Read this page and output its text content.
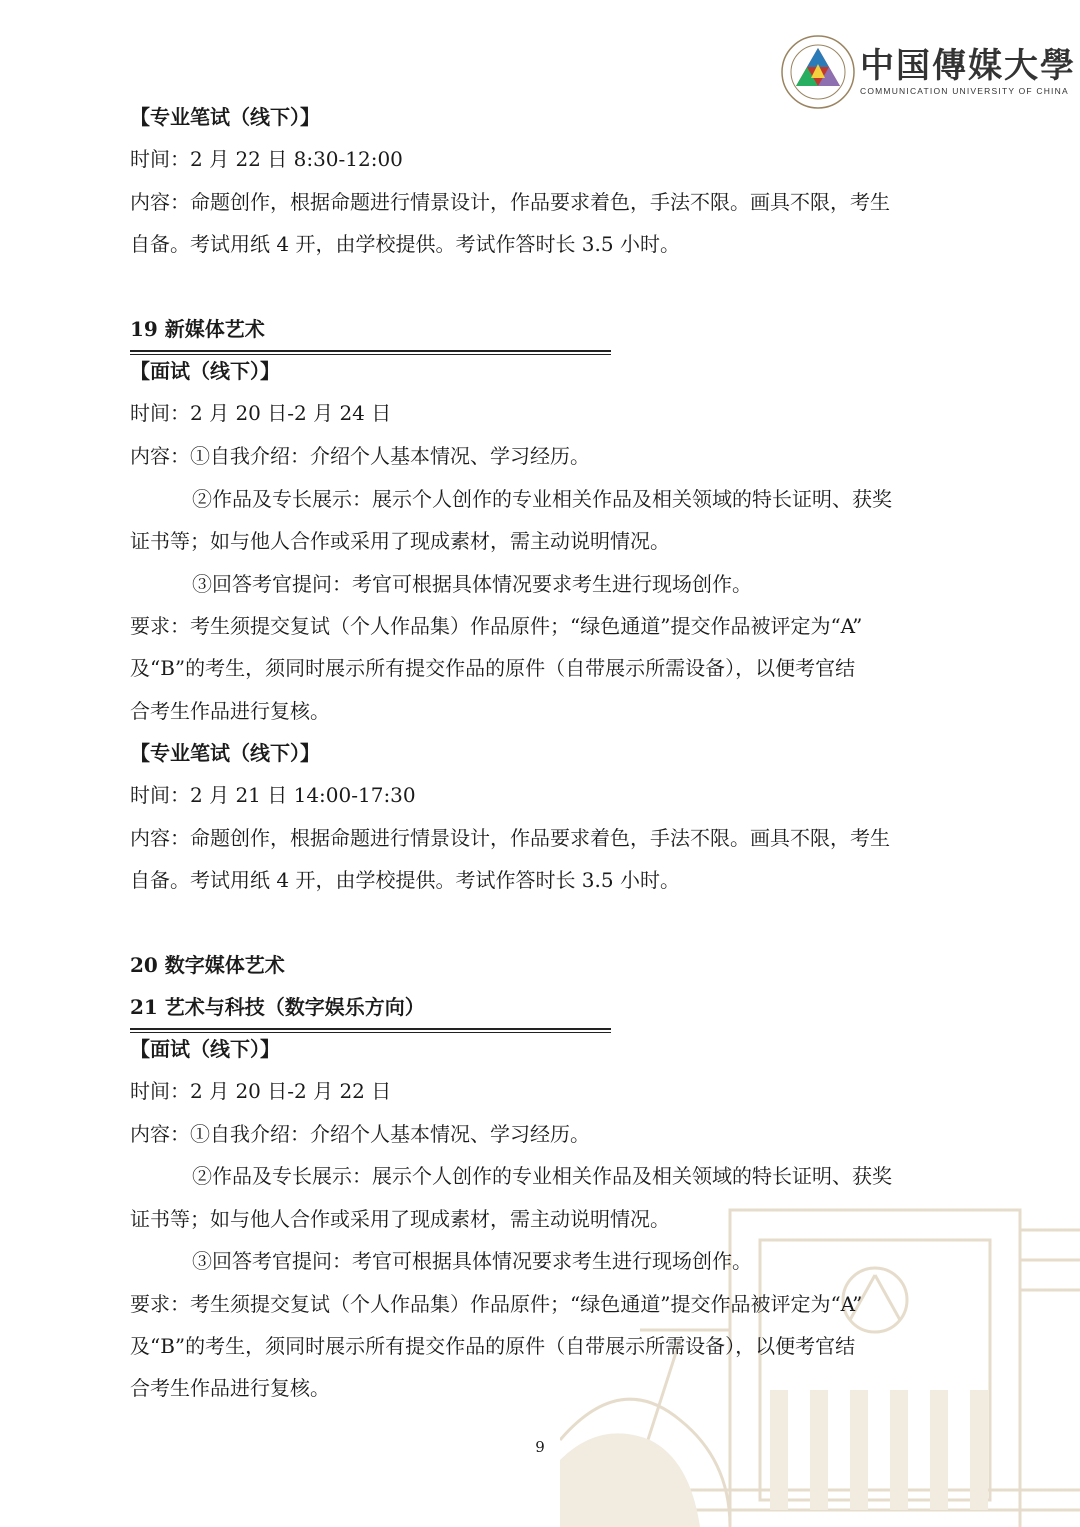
中国傳媒大學
COMMUNICATION UNIVERSITY OF CHINA
【专业笔试（线下）】
时间：2 月 22 日 8:30-12:00
内容：命题创作，根据命题进行情景设计，作品要求着色，手法不限。画具不限，考生
自备。考试用纸 4 开，由学校提供。考试作答时长 3.5 小时。
19 新媒体艺术
【面试（线下）】
时间：2 月 20 日-2 月 24 日
内容：①自我介绍：介绍个人基本情况、学习经历。
②作品及专长展示：展示个人创作的专业相关作品及相关领域的特长证明、获奖
证书等；如与他人合作或采用了现成素材，需主动说明情况。
③回答考官提问：考官可根据具体情况要求考生进行现场创作。
要求：考生须提交复试（个人作品集）作品原件；“绿色通道”提交作品被评定为“A”
及“B”的考生，须同时展示所有提交作品的原件（自带展示所需设备），以便考官结
合考生作品进行复核。
【专业笔试（线下）】
时间：2 月 21 日 14:00-17:30
内容：命题创作，根据命题进行情景设计，作品要求着色，手法不限。画具不限，考生
自备。考试用纸 4 开，由学校提供。考试作答时长 3.5 小时。
20 数字媒体艺术
21 艺术与科技（数字娱乐方向）
【面试（线下）】
时间：2 月 20 日-2 月 22 日
内容：①自我介绍：介绍个人基本情况、学习经历。
②作品及专长展示：展示个人创作的专业相关作品及相关领域的特长证明、获奖
证书等；如与他人合作或采用了现成素材，需主动说明情况。
③回答考官提问：考官可根据具体情况要求考生进行现场创作。
要求：考生须提交复试（个人作品集）作品原件；“绿色通道”提交作品被评定为“A”
及“B”的考生，须同时展示所有提交作品的原件（自带展示所需设备），以便考官结
合考生作品进行复核。
9
